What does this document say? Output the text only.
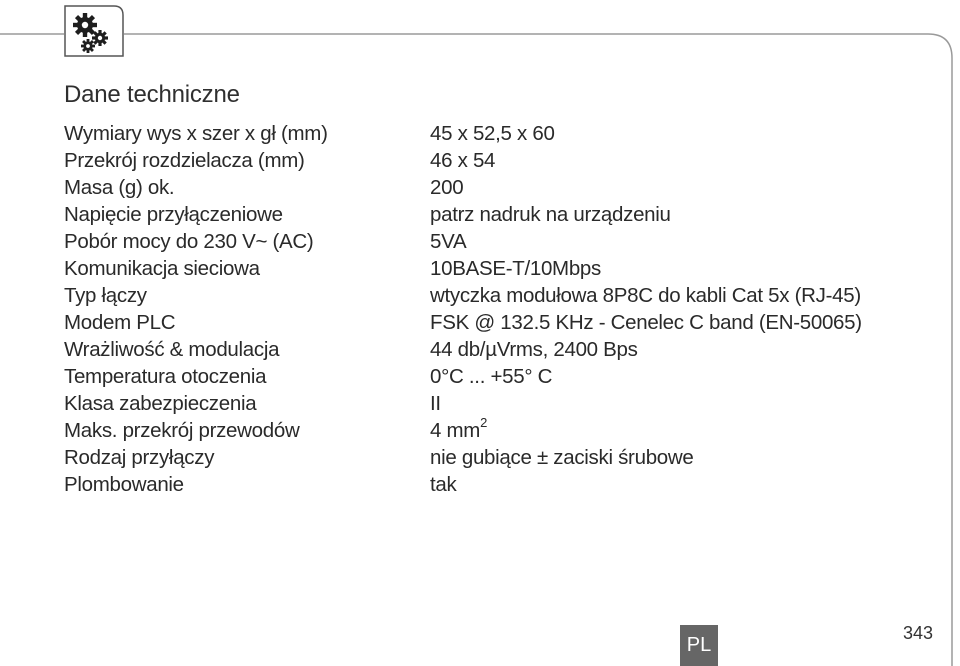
Dane techniczne
Wymiary wys x szer x gł (mm)	45 x 52,5 x 60
Przekrój rozdzielacza (mm)	46 x 54
Masa (g) ok.	200
Napięcie przyłączeniowe	patrz nadruk na urządzeniu
Pobór mocy do 230 V~ (AC)	5VA
Komunikacja sieciowa	10BASE-T/10Mbps
Typ łączy	wtyczka modułowa 8P8C do kabli Cat 5x (RJ-45)
Modem PLC	FSK @ 132.5 KHz - Cenelec C band (EN-50065)
Wrażliwość & modulacja	44 db/µVrms, 2400 Bps
Temperatura otoczenia	0°C ... +55° C
Klasa zabezpieczenia	II
Maks. przekrój przewodów	4 $mm^2$
Rodzaj przyłączy	nie gubiące ± zaciski śrubowe
Plombowanie	tak
PL
343
